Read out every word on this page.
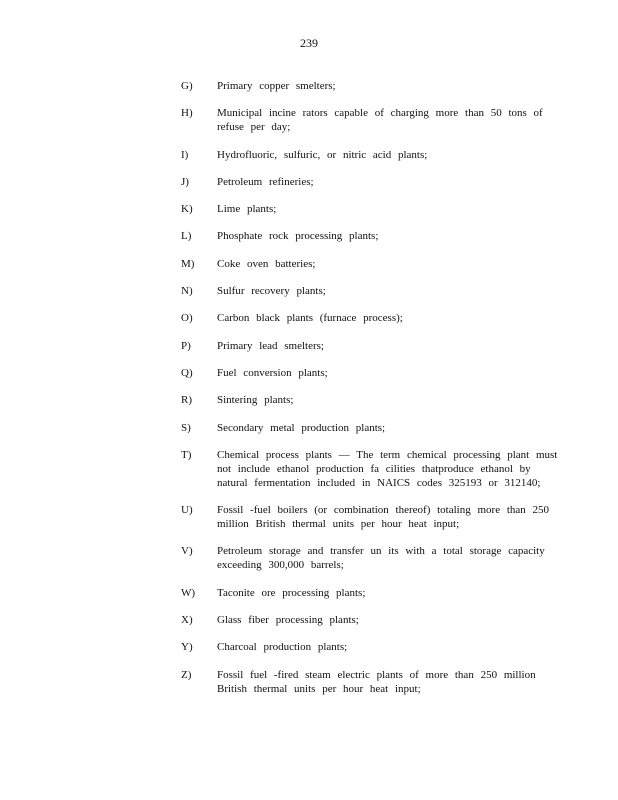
239
G)	Primary copper smelters;
H)	Municipal incine rators capable of charging more than 50 tons of refuse per day;
I)	Hydrofluoric, sulfuric, or nitric acid plants;
J)	Petroleum refineries;
K)	Lime plants;
L)	Phosphate rock processing plants;
M)	Coke oven batteries;
N)	Sulfur recovery plants;
O)	Carbon black plants (furnace process);
P)	Primary lead smelters;
Q)	Fuel conversion plants;
R)	Sintering plants;
S)	Secondary metal production plants;
T)	Chemical process plants — The term chemical processing plant must not include ethanol production fa cilities thatproduce ethanol by natural fermentation included in NAICS codes 325193 or 312140;
U)	Fossil -fuel boilers (or combination thereof) totaling more than 250 million British thermal units per hour heat input;
V)	Petroleum storage and transfer un its with a total storage capacity exceeding 300,000 barrels;
W)	Taconite ore processing plants;
X)	Glass fiber processing plants;
Y)	Charcoal production plants;
Z)	Fossil fuel -fired steam electric plants of more than 250 million British thermal units per hour heat input;
